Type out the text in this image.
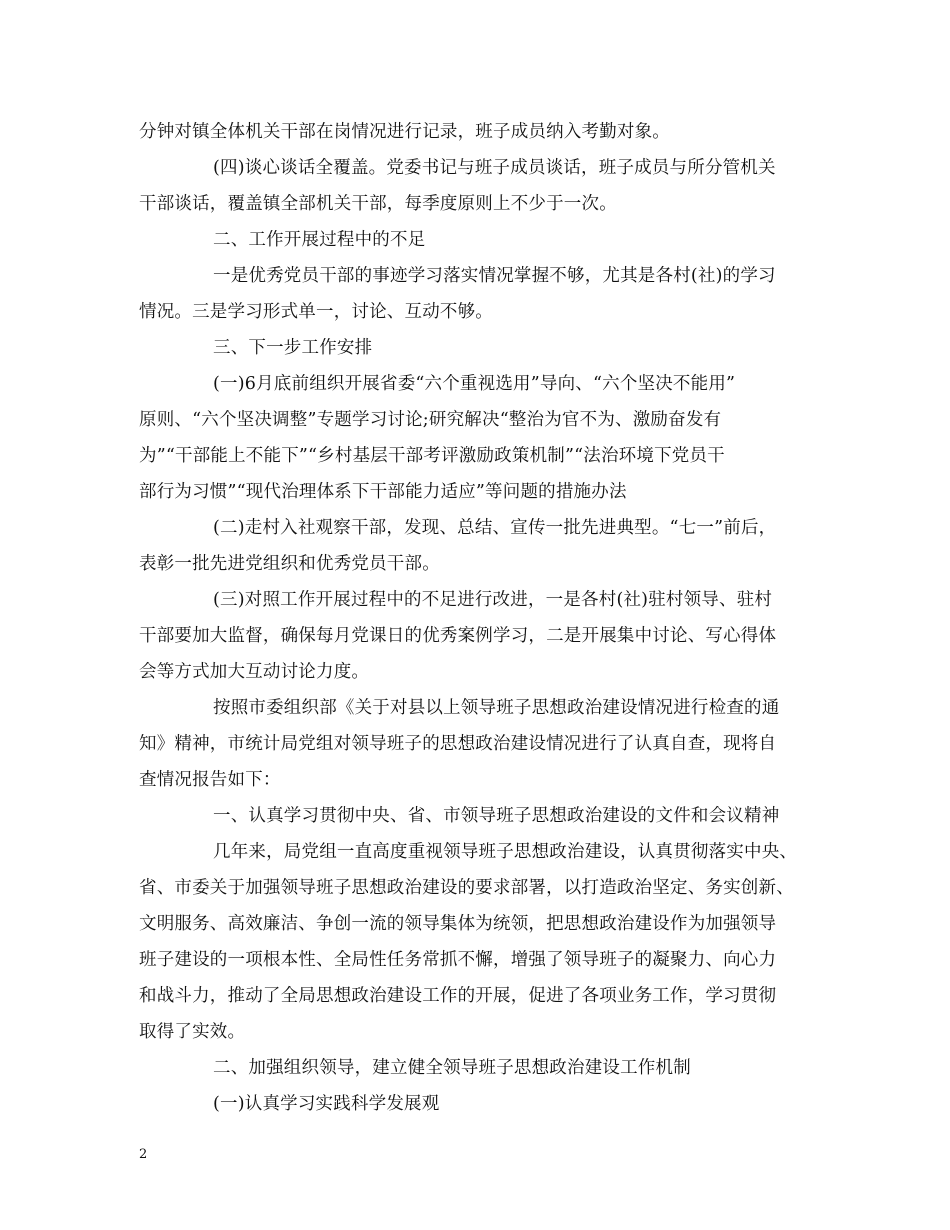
分钟对镇全体机关干部在岗情况进行记录，班子成员纳入考勤对象。
(四)谈心谈话全覆盖。党委书记与班子成员谈话，班子成员与所分管机关
干部谈话，覆盖镇全部机关干部，每季度原则上不少于一次。
二、工作开展过程中的不足
一是优秀党员干部的事迹学习落实情况掌握不够，尤其是各村(社)的学习
情况。三是学习形式单一，讨论、互动不够。
三、下一步工作安排
(一)6月底前组织开展省委“六个重视选用”导向、“六个坚决不能用”
原则、“六个坚决调整”专题学习讨论;研究解决“整治为官不为、激励奋发有
为”“干部能上不能下”“乡村基层干部考评激励政策机制”“法治环境下党员干
部行为习惯”“现代治理体系下干部能力适应”等问题的措施办法
(二)走村入社观察干部，发现、总结、宣传一批先进典型。“七一”前后，
表彰一批先进党组织和优秀党员干部。
(三)对照工作开展过程中的不足进行改进，一是各村(社)驻村领导、驻村
干部要加大监督，确保每月党课日的优秀案例学习，二是开展集中讨论、写心得体
会等方式加大互动讨论力度。
按照市委组织部《关于对县以上领导班子思想政治建设情况进行检查的通
知》精神，市统计局党组对领导班子的思想政治建设情况进行了认真自查，现将自
查情况报告如下：
一、认真学习贯彻中央、省、市领导班子思想政治建设的文件和会议精神
几年来，局党组一直高度重视领导班子思想政治建设，认真贯彻落实中央、
省、市委关于加强领导班子思想政治建设的要求部署，以打造政治坚定、务实创新、
文明服务、高效廉洁、争创一流的领导集体为统领，把思想政治建设作为加强领导
班子建设的一项根本性、全局性任务常抓不懈，增强了领导班子的凝聚力、向心力
和战斗力，推动了全局思想政治建设工作的开展，促进了各项业务工作，学习贯彻
取得了实效。
二、加强组织领导，建立健全领导班子思想政治建设工作机制
(一)认真学习实践科学发展观
2
